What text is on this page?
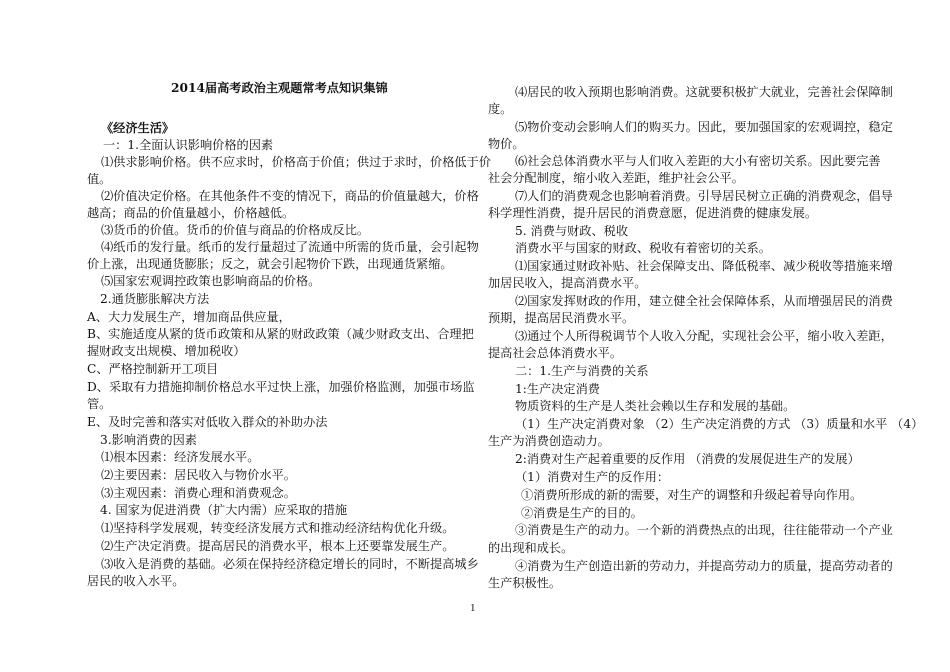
2014届高考政治主观题常考点知识集锦
《经济生活》
一：1.全面认识影响价格的因素
⑴供求影响价格。供不应求时，价格高于价值；供过于求时，价格低于价
值。
⑵价值决定价格。在其他条件不变的情况下，商品的价值量越大，价格
越高；商品的价值量越小，价格越低。
⑶货币的价值。货币的价值与商品的价格成反比。
⑷纸币的发行量。纸币的发行量超过了流通中所需的货币量，会引起物
价上涨，出现通货膨胀；反之，就会引起物价下跌，出现通货紧缩。
⑸国家宏观调控政策也影响商品的价格。
2.通货膨胀解决方法
A、大力发展生产，增加商品供应量，
B、实施适度从紧的货币政策和从紧的财政政策（减少财政支出、合理把
握财政支出规模、增加税收）
C、严格控制新开工项目
D、采取有力措施抑制价格总水平过快上涨，加强价格监测，加强市场监
管。
E、及时完善和落实对低收入群众的补助办法
3.影响消费的因素
⑴根本因素：经济发展水平。
⑵主要因素：居民收入与物价水平。
⑶主观因素：消费心理和消费观念。
4. 国家为促进消费（扩大内需）应采取的措施
⑴坚持科学发展观，转变经济发展方式和推动经济结构优化升级。
⑵生产决定消费。提高居民的消费水平，根本上还要靠发展生产。
⑶收入是消费的基础。必须在保持经济稳定增长的同时，不断提高城乡
居民的收入水平。
⑷居民的收入预期也影响消费。这就要积极扩大就业，完善社会保障制
度。
⑸物价变动会影响人们的购买力。因此，要加强国家的宏观调控，稳定
物价。
⑹社会总体消费水平与人们收入差距的大小有密切关系。因此要完善
社会分配制度，缩小收入差距，维护社会公平。
⑺人们的消费观念也影响着消费。引导居民树立正确的消费观念，倡导
科学理性消费，提升居民的消费意愿，促进消费的健康发展。
5. 消费与财政、税收
消费水平与国家的财政、税收有着密切的关系。
⑴国家通过财政补贴、社会保障支出、降低税率、减少税收等措施来增
加居民收入，提高消费水平。
⑵国家发挥财政的作用，建立健全社会保障体系，从而增强居民的消费
预期，提高居民消费水平。
⑶通过个人所得税调节个人收入分配，实现社会公平，缩小收入差距，
提高社会总体消费水平。
二：1.生产与消费的关系
1:生产决定消费
物质资料的生产是人类社会赖以生存和发展的基础。
（1）生产决定消费对象 （2）生产决定消费的方式 （3）质量和水平 （4）
生产为消费创造动力。
2:消费对生产起着重要的反作用 （消费的发展促进生产的发展）
（1）消费对生产的反作用：
①消费所形成的新的需要，对生产的调整和升级起着导向作用。
②消费是生产的目的。
③消费是生产的动力。一个新的消费热点的出现，往往能带动一个产业
的出现和成长。
④消费为生产创造出新的劳动力，并提高劳动力的质量，提高劳动者的
生产积极性。
1
